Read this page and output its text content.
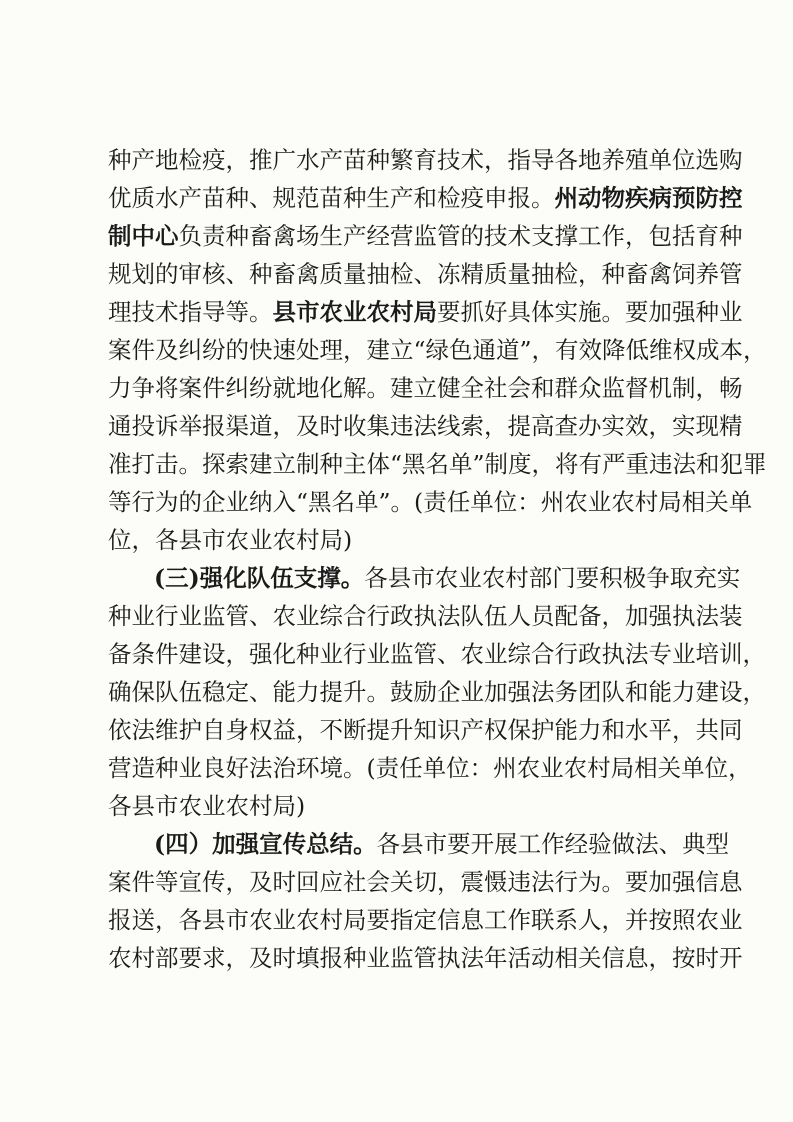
种产地检疫，推广水产苗种繁育技术，指导各地养殖单位选购
优质水产苗种、规范苗种生产和检疫申报。州动物疾病预防控
制中心负责种畜禽场生产经营监管的技术支撑工作，包括育种
规划的审核、种畜禽质量抽检、冻精质量抽检，种畜禽饲养管
理技术指导等。县市农业农村局要抓好具体实施。要加强种业
案件及纠纷的快速处理，建立“绿色通道”，有效降低维权成本，
力争将案件纠纷就地化解。建立健全社会和群众监督机制，畅
通投诉举报渠道，及时收集违法线索，提高查办实效，实现精
准打击。探索建立制种主体“黑名单”制度，将有严重违法和犯罪
等行为的企业纳入“黑名单”。(责任单位：州农业农村局相关单
位，各县市农业农村局)
(三)强化队伍支撑。各县市农业农村部门要积极争取充实
种业行业监管、农业综合行政执法队伍人员配备，加强执法装
备条件建设，强化种业行业监管、农业综合行政执法专业培训，
确保队伍稳定、能力提升。鼓励企业加强法务团队和能力建设，
依法维护自身权益，不断提升知识产权保护能力和水平，共同
营造种业良好法治环境。(责任单位：州农业农村局相关单位，
各县市农业农村局)
(四）加强宣传总结。各县市要开展工作经验做法、典型
案件等宣传，及时回应社会关切，震慑违法行为。要加强信息
报送，各县市农业农村局要指定信息工作联系人，并按照农业
农村部要求，及时填报种业监管执法年活动相关信息，按时开
